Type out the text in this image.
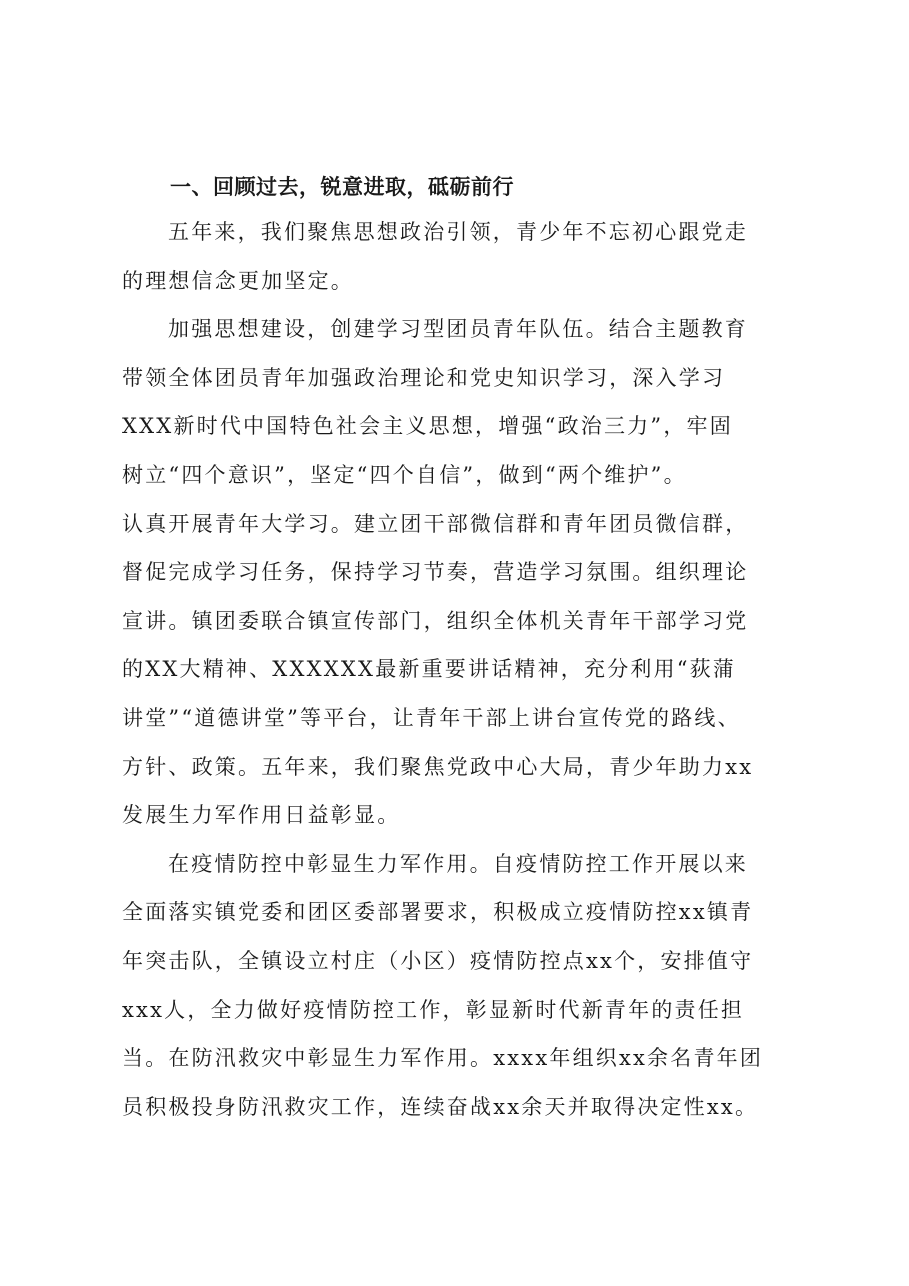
一、回顾过去，锐意进取，砥砺前行

五年来，我们聚焦思想政治引领，青少年不忘初心跟党走
的理想信念更加坚定。

加强思想建设，创建学习型团员青年队伍。结合主题教育
带领全体团员青年加强政治理论和党史知识学习，深入学习
XXX新时代中国特色社会主义思想，增强“政治三力”，牢固
树立“四个意识”，坚定“四个自信”，做到“两个维护”。
认真开展青年大学习。建立团干部微信群和青年团员微信群，
督促完成学习任务，保持学习节奏，营造学习氛围。组织理论
宣讲。镇团委联合镇宣传部门，组织全体机关青年干部学习党
的XX大精神、XXXXXX最新重要讲话精神，充分利用“荻蒲
讲堂”“道德讲堂”等平台，让青年干部上讲台宣传党的路线、
方针、政策。五年来，我们聚焦党政中心大局，青少年助力xx
发展生力军作用日益彰显。

在疫情防控中彰显生力军作用。自疫情防控工作开展以来
全面落实镇党委和团区委部署要求，积极成立疫情防控xx镇青
年突击队，全镇设立村庄（小区）疫情防控点xx个，安排值守
xxx人，全力做好疫情防控工作，彰显新时代新青年的责任担
当。在防汛救灾中彰显生力军作用。xxxx年组织xx余名青年团
员积极投身防汛救灾工作，连续奋战xx余天并取得决定性xx。
